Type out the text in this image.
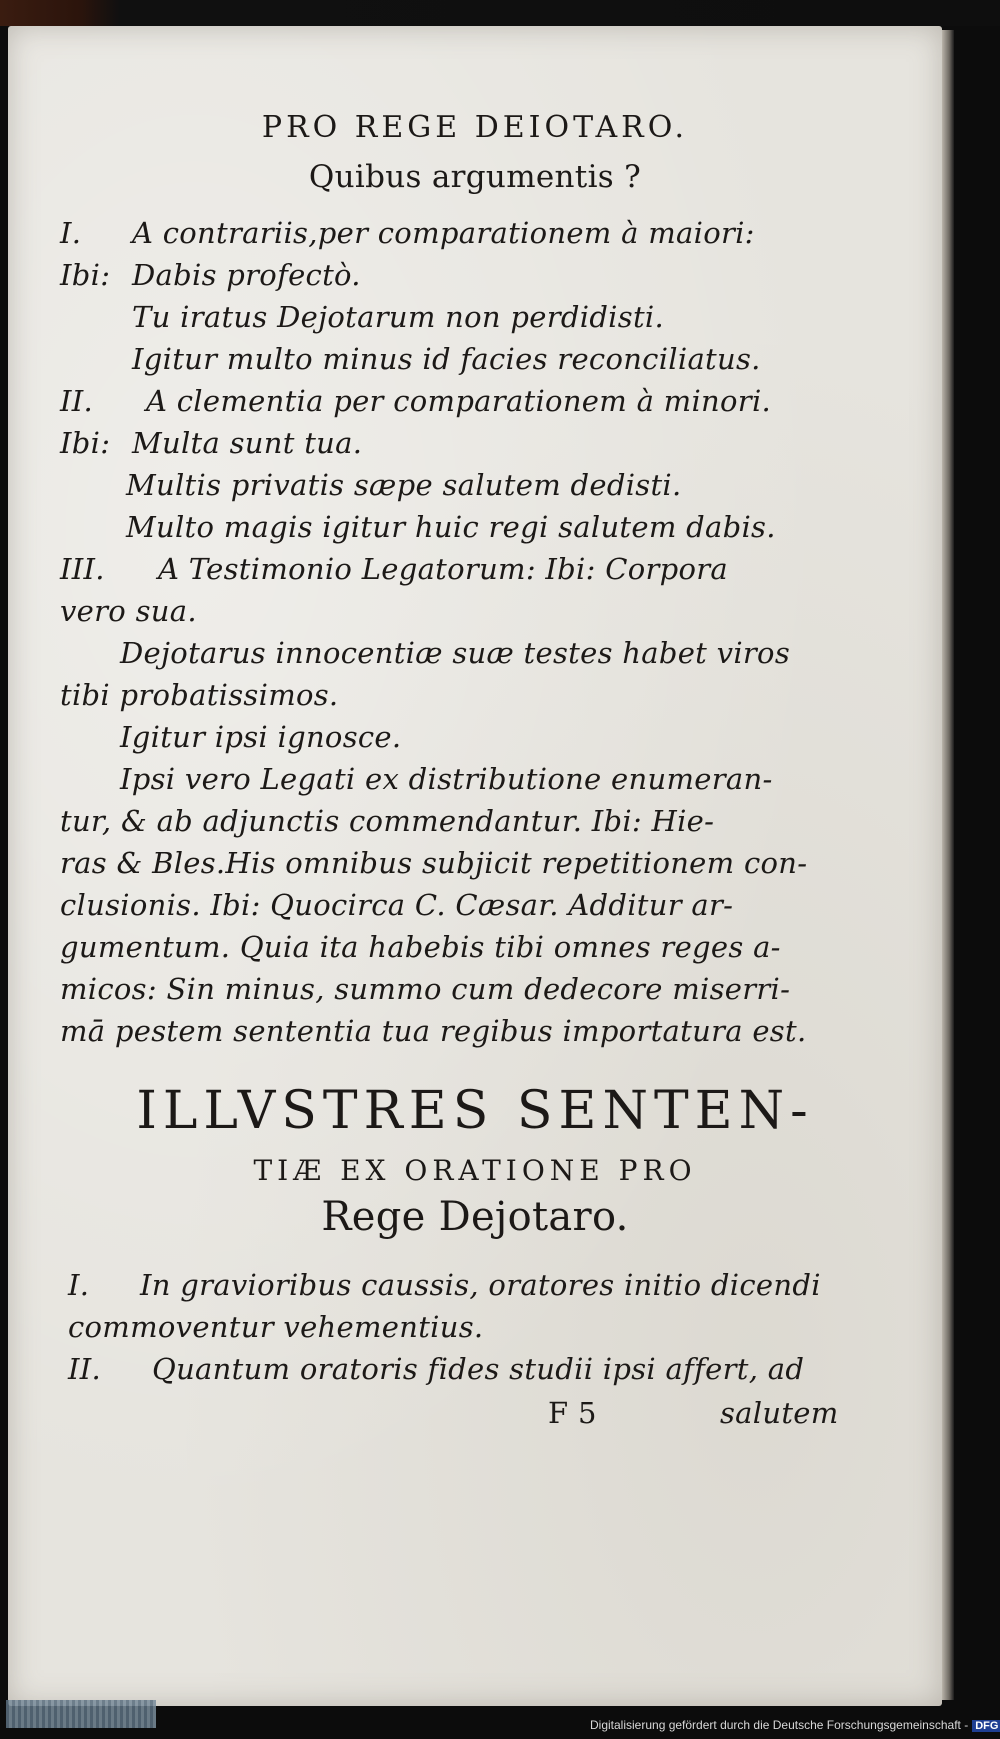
PRO REGE DEIOTARO.
Quibus argumentis ?
I. A contrariis,per comparationem à maiori:
Ibi: Dabis profectò.
Tu iratus Dejotarum non perdidisti.
Igitur multo minus id facies reconciliatus.
II. A clementia per comparationem à minori.
Ibi: Multa sunt tua.
Multis privatis sæpe salutem dedisti.
Multo magis igitur huic regi salutem dabis.
III. A Testimonio Legatorum: Ibi: Corpora
vero sua.
Dejotarus innocentiæ suæ testes habet viros
tibi probatissimos.
Igitur ipsi ignosce.
Ipsi vero Legati ex distributione enumeran-
tur, & ab adjunctis commendantur. Ibi: Hie-
ras & Bles.His omnibus subjicit repetitionem con-
clusionis. Ibi: Quocirca C. Cæsar. Additur ar-
gumentum. Quia ita habebis tibi omnes reges a-
micos: Sin minus, summo cum dedecore miserri-
mā pestem sententia tua regibus importatura est.
ILLVSTRES SENTEN-
TIÆ EX ORATIONE PRO
Rege Dejotaro.
I. In gravioribus caussis, oratores initio dicendi
commoventur vehementius.
II. Quantum oratoris fides studii ipsi affert, ad
F 5	salutem
Digitalisierung gefördert durch die Deutsche Forschungsgemeinschaft - DFG
